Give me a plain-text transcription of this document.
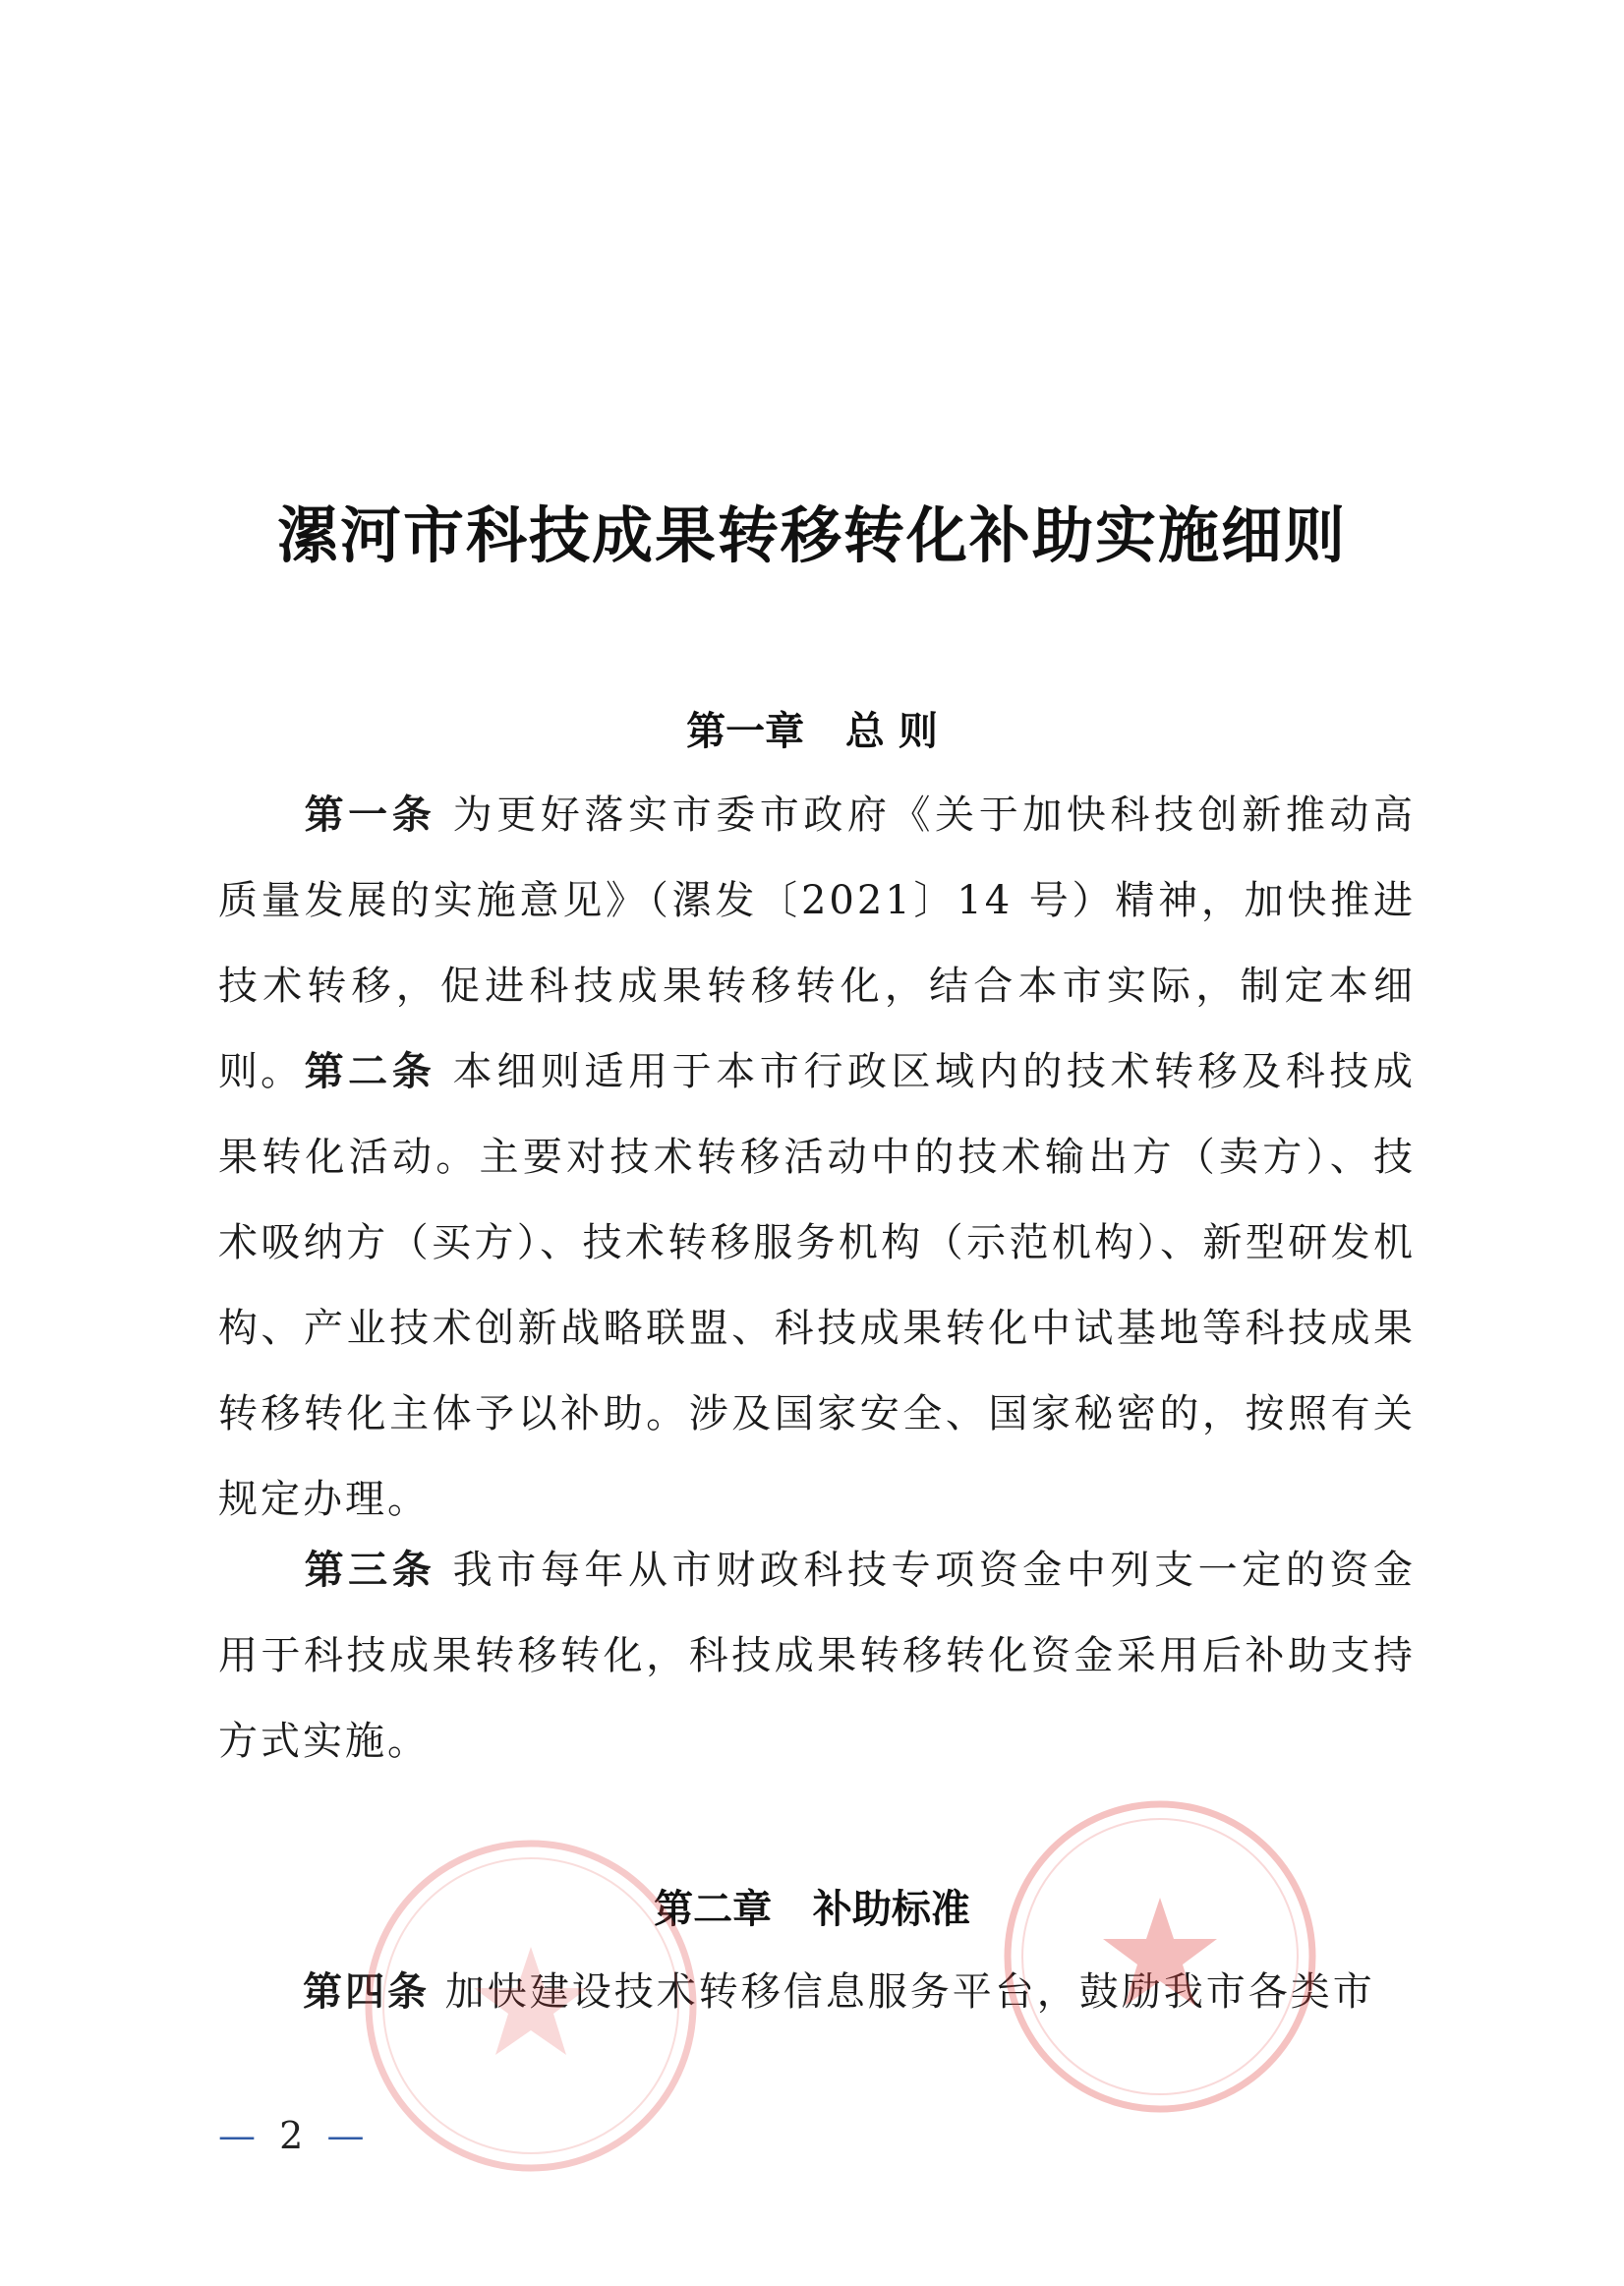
漯河市科技成果转移转化补助实施细则
第一章 总 则
第一条 为更好落实市委市政府《关于加快科技创新推动高质量发展的实施意见》（漯发〔2021〕14 号）精神，加快推进技术转移，促进科技成果转移转化，结合本市实际，制定本细则。 第二条 本细则适用于本市行政区域内的技术转移及科技成果转化活动。主要对技术转移活动中的技术输出方（卖方）、技术吸纳方（买方）、技术转移服务机构（示范机构）、新型研发机构、产业技术创新战略联盟、科技成果转化中试基地等科技成果转移转化主体予以补助。涉及国家安全、国家秘密的，按照有关规定办理。
第三条 我市每年从市财政科技专项资金中列支一定的资金用于科技成果转移转化，科技成果转移转化资金采用后补助支持方式实施。
第二章 补助标准
第四条 加快建设技术转移信息服务平台，鼓励我市各类市
— 2 —
